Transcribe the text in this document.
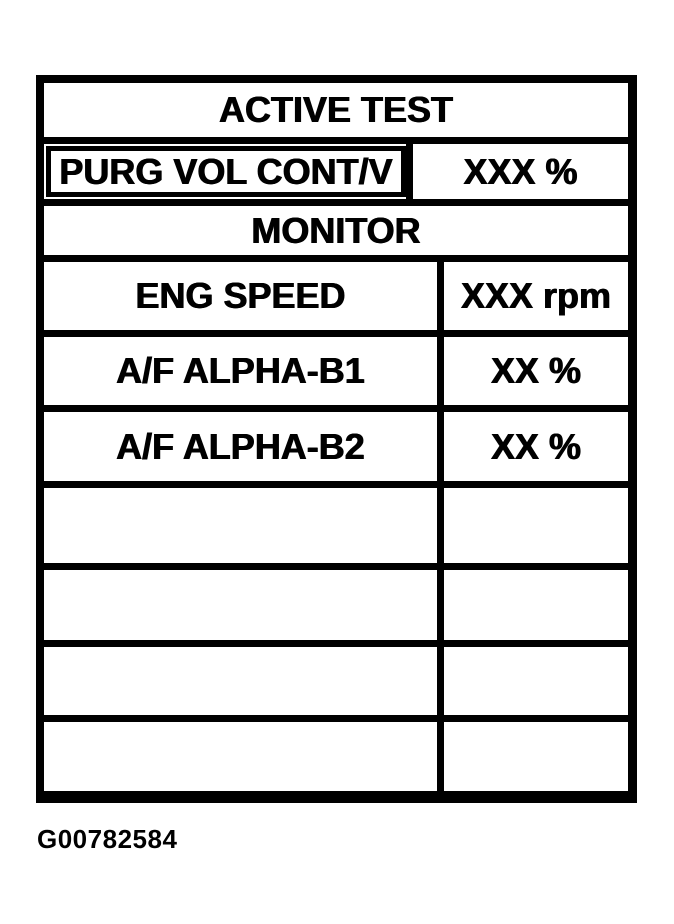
ACTIVE TEST
PURG VOL CONT/V XXX %
MONITOR
ENG SPEED	XXX rpm
A/F ALPHA-B1	XX %
A/F ALPHA-B2	XX %
G00782584
